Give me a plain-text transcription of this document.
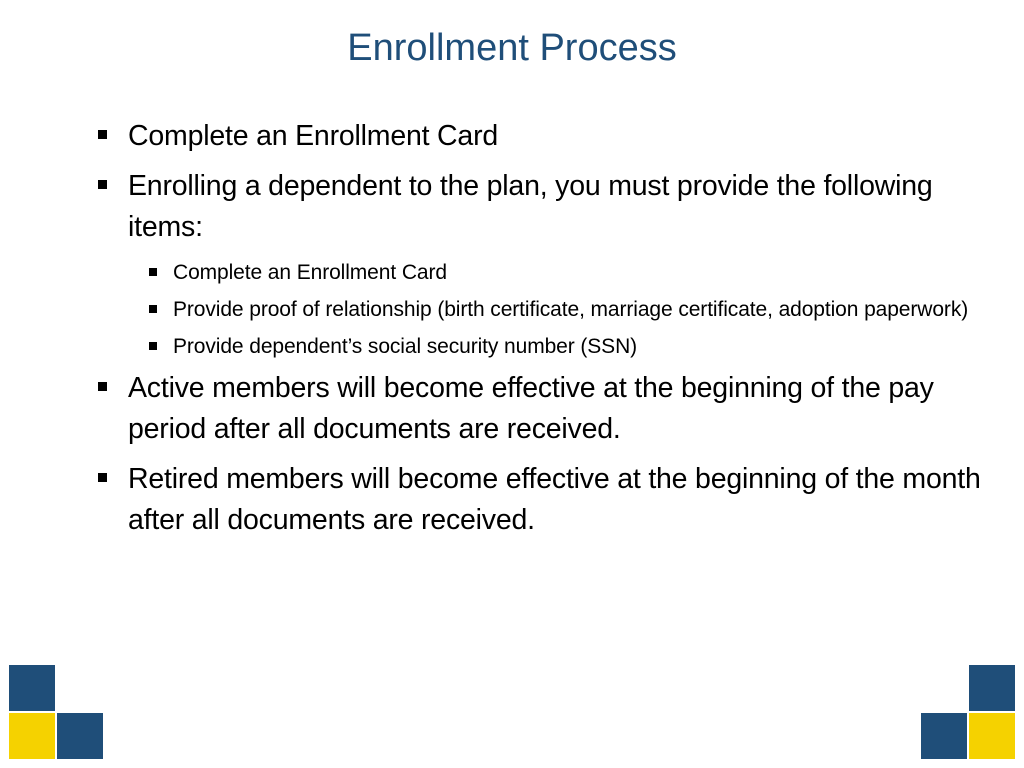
Enrollment Process
Complete an Enrollment Card
Enrolling a dependent to the plan, you must provide the following items:
Complete an Enrollment Card
Provide proof of relationship (birth certificate, marriage certificate, adoption paperwork)
Provide dependent’s social security number (SSN)
Active members will become effective at the beginning of the pay period after all documents are received.
Retired members will become effective at the beginning of the month after all documents are received.
